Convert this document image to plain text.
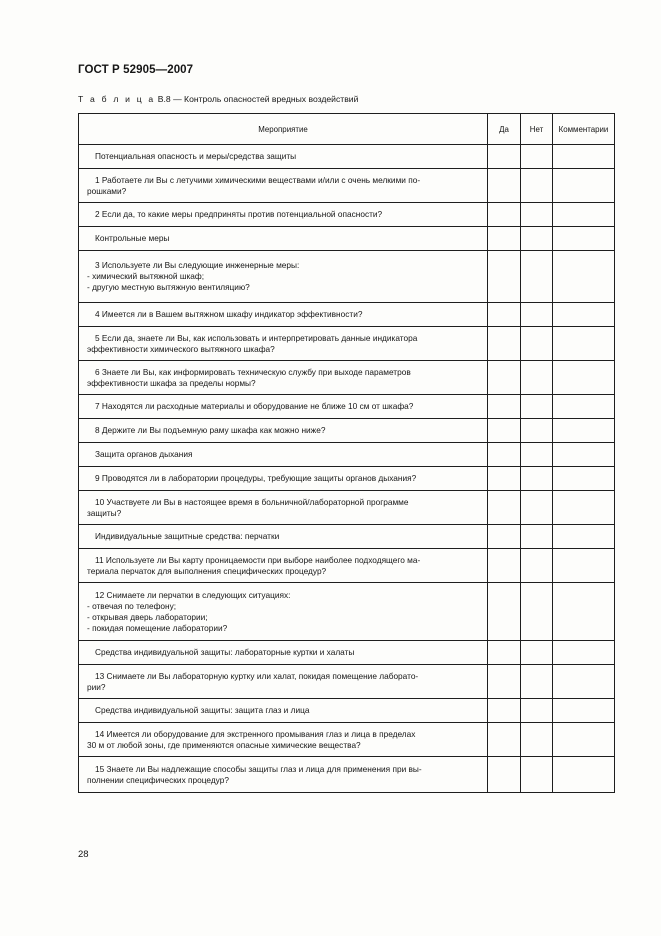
ГОСТ Р 52905—2007
Т а б л и ц а В.8 — Контроль опасностей вредных воздействий
Мероприятие	Да	Нет	Комментарии

Потенциальная опасность и меры/средства защиты			

1 Работаете ли Вы с летучими химическими веществами и/или с очень мелкими по-
рошками?			

2 Если да, то какие меры предприняты против потенциальной опасности?			

Контрольные меры			

3 Используете ли Вы следующие инженерные меры:
- химический вытяжной шкаф;
- другую местную вытяжную вентиляцию?			

4 Имеется ли в Вашем вытяжном шкафу индикатор эффективности?			

5 Если да, знаете ли Вы, как использовать и интерпретировать данные индикатора
эффективности химического вытяжного шкафа?			

6 Знаете ли Вы, как информировать техническую службу при выходе параметров
эффективности шкафа за пределы нормы?			

7 Находятся ли расходные материалы и оборудование не ближе 10 см от шкафа?			

8 Держите ли Вы подъемную раму шкафа как можно ниже?			

Защита органов дыхания			

9 Проводятся ли в лаборатории процедуры, требующие защиты органов дыхания?			

10 Участвуете ли Вы в настоящее время в больничной/лабораторной программе
защиты?			

Индивидуальные защитные средства: перчатки			

11 Используете ли Вы карту проницаемости при выборе наиболее подходящего ма-
териала перчаток для выполнения специфических процедур?			

12 Снимаете ли перчатки в следующих ситуациях:
- отвечая по телефону;
- открывая дверь лаборатории;
- покидая помещение лаборатории?			

Средства индивидуальной защиты: лабораторные куртки и халаты			

13 Снимаете ли Вы лабораторную куртку или халат, покидая помещение лаборато-
рии?			

Средства индивидуальной защиты: защита глаз и лица			

14 Имеется ли оборудование для экстренного промывания глаз и лица в пределах
30 м от любой зоны, где применяются опасные химические вещества?			

15 Знаете ли Вы надлежащие способы защиты глаз и лица для применения при вы-
полнении специфических процедур?			

28
